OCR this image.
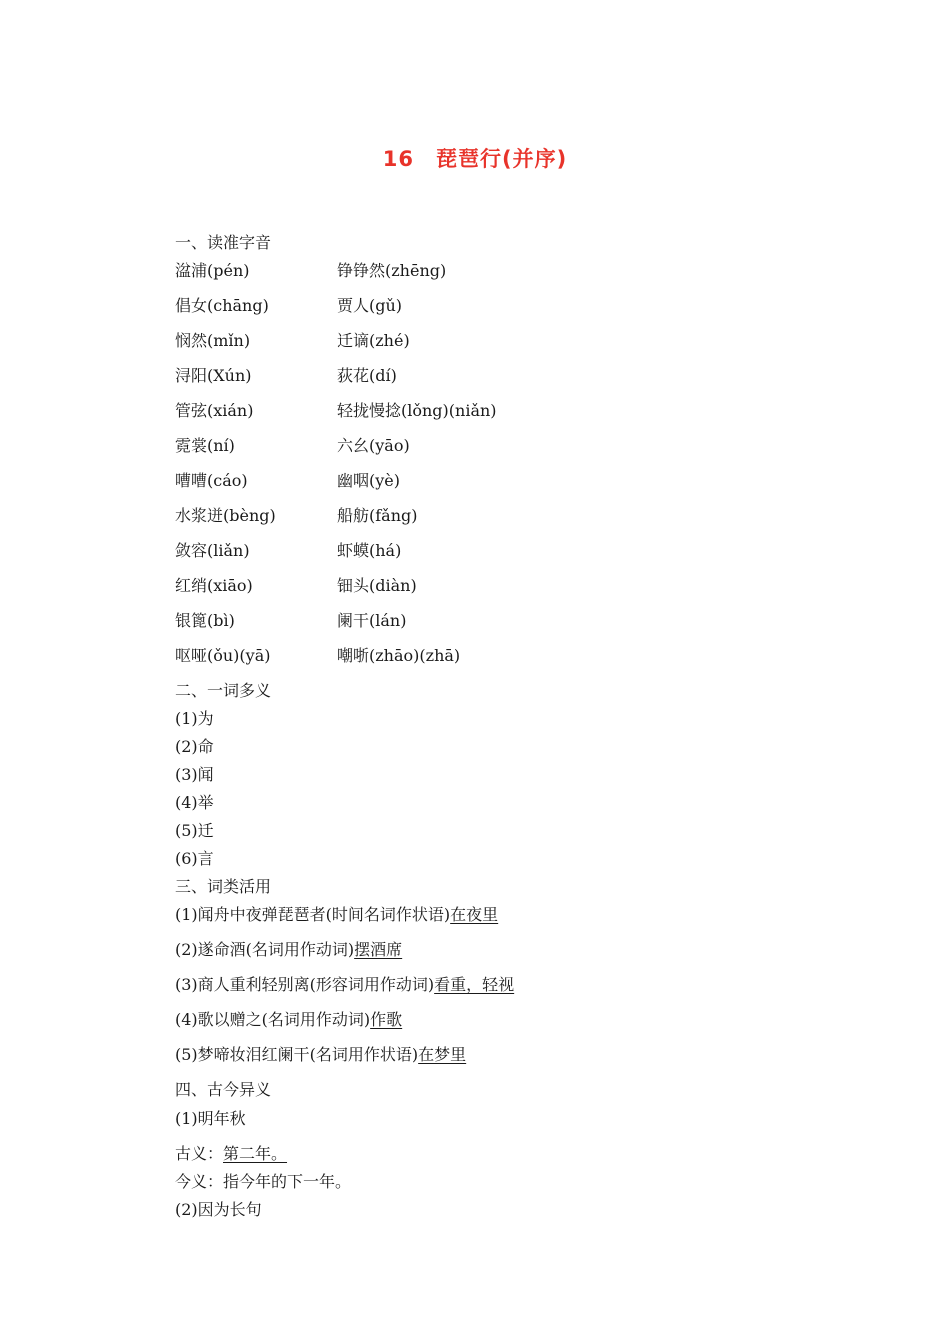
16 琵琶行(并序)
一、读准字音
湓浦(pén)	铮铮然(zhēng)
倡女(chāng)	贾人(gǔ)
悯然(mǐn)	迁谪(zhé)
浔阳(Xún)	荻花(dí)
管弦(xián)	轻拢慢捻(lǒng)(niǎn)
霓裳(ní)	六幺(yāo)
嘈嘈(cáo)	幽咽(yè)
水浆迸(bèng)	船舫(fǎng)
敛容(liǎn)	虾蟆(há)
红绡(xiāo)	钿头(diàn)
银篦(bì)	阑干(lán)
呕哑(ǒu)(yā)	嘲哳(zhāo)(zhā)
二、一词多义
(1)为
(2)命
(3)闻
(4)举
(5)迁
(6)言
三、词类活用
(1)闻舟中夜弹琵琶者(时间名词作状语)在夜里
(2)遂命酒(名词用作动词)摆酒席
(3)商人重利轻别离(形容词用作动词)看重，轻视
(4)歌以赠之(名词用作动词)作歌
(5)梦啼妆泪红阑干(名词用作状语)在梦里
四、古今异义
(1)明年秋
古义：第二年。
今义：指今年的下一年。
(2)因为长句
